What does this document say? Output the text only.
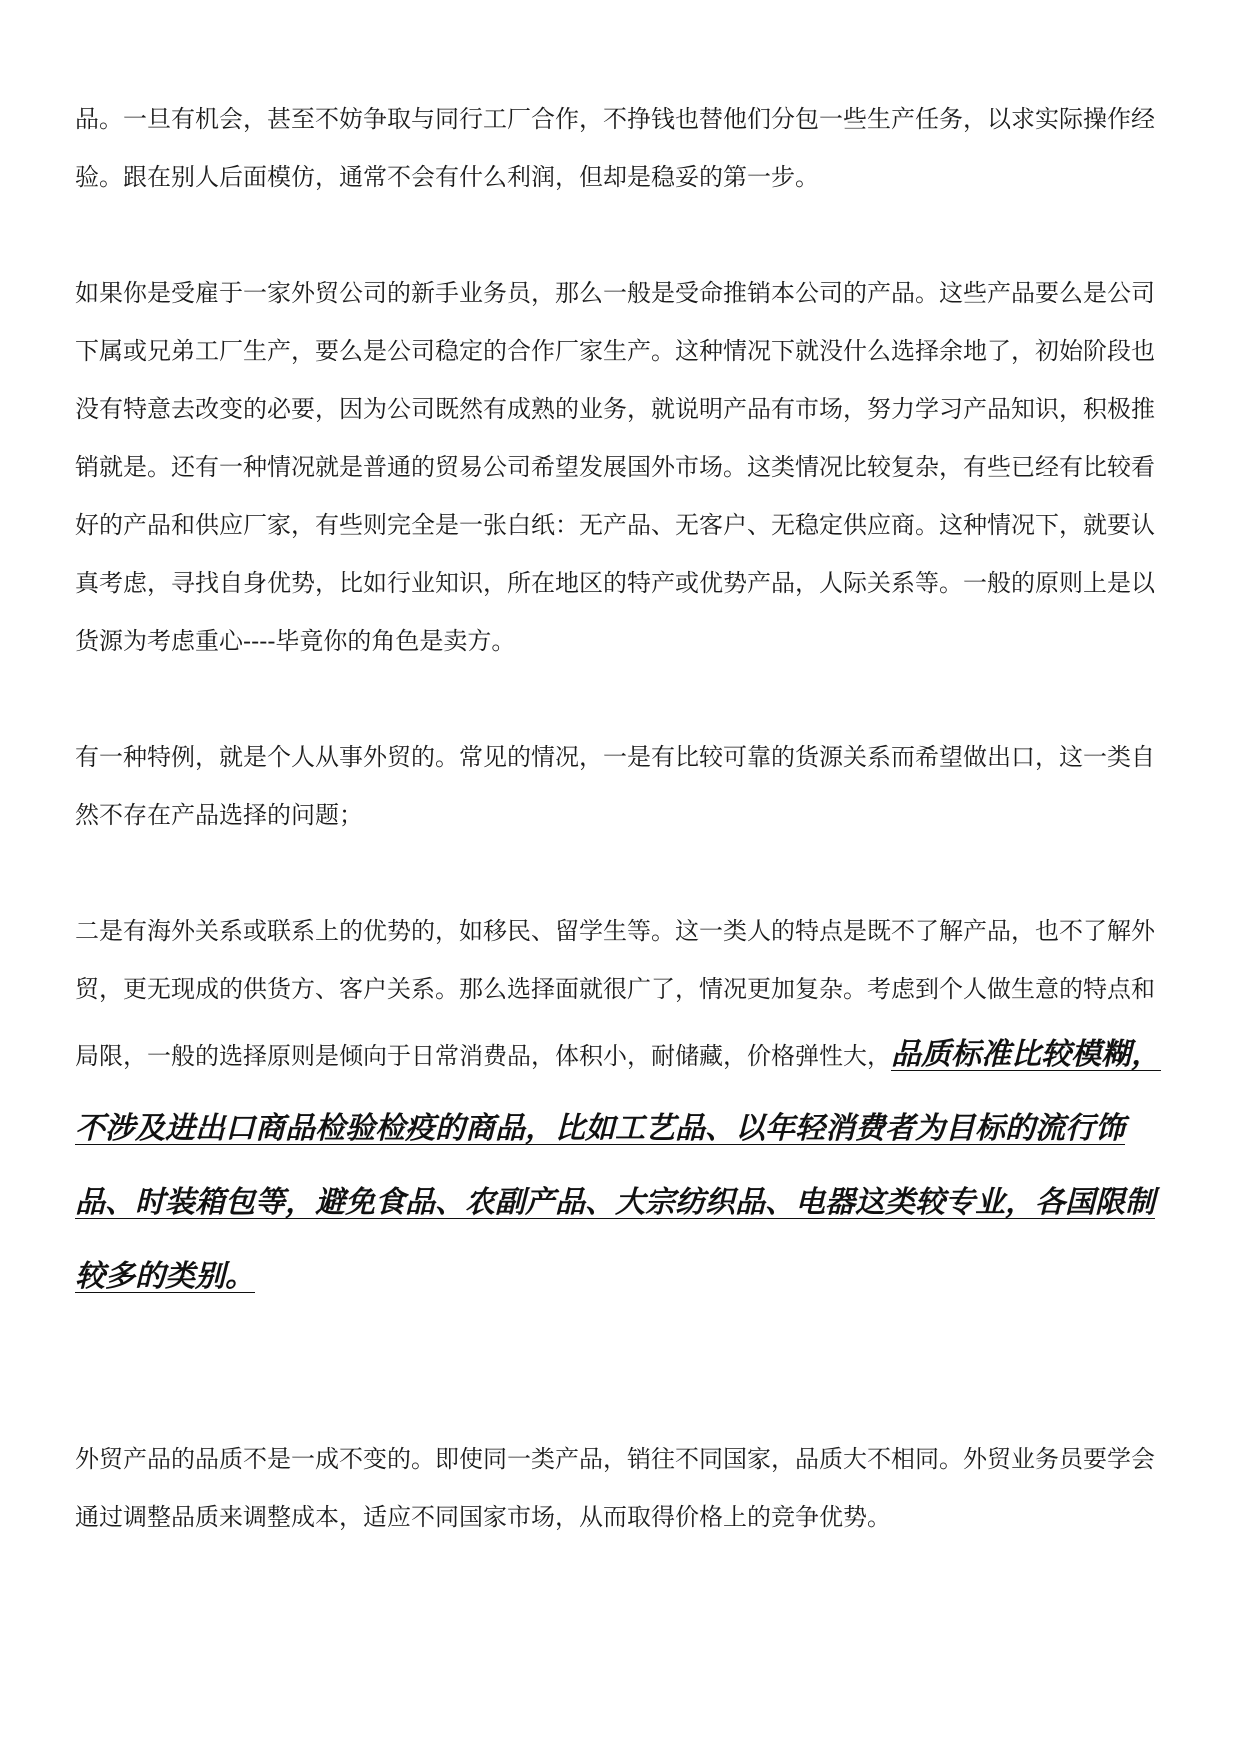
品。一旦有机会，甚至不妨争取与同行工厂合作，不挣钱也替他们分包一些生产任务，以求实际操作经验。跟在别人后面模仿，通常不会有什么利润，但却是稳妥的第一步。

如果你是受雇于一家外贸公司的新手业务员，那么一般是受命推销本公司的产品。这些产品要么是公司下属或兄弟工厂生产，要么是公司稳定的合作厂家生产。这种情况下就没什么选择余地了，初始阶段也没有特意去改变的必要，因为公司既然有成熟的业务，就说明产品有市场，努力学习产品知识，积极推销就是。还有一种情况就是普通的贸易公司希望发展国外市场。这类情况比较复杂，有些已经有比较看好的产品和供应厂家，有些则完全是一张白纸：无产品、无客户、无稳定供应商。这种情况下，就要认真考虑，寻找自身优势，比如行业知识，所在地区的特产或优势产品，人际关系等。一般的原则上是以货源为考虑重心----毕竟你的角色是卖方。

有一种特例，就是个人从事外贸的。常见的情况，一是有比较可靠的货源关系而希望做出口，这一类自然不存在产品选择的问题；

二是有海外关系或联系上的优势的，如移民、留学生等。这一类人的特点是既不了解产品，也不了解外贸，更无现成的供货方、客户关系。那么选择面就很广了，情况更加复杂。考虑到个人做生意的特点和局限，一般的选择原则是倾向于日常消费品，体积小，耐储藏，价格弹性大，品质标准比较模糊，不涉及进出口商品检验检疫的商品，比如工艺品、以年轻消费者为目标的流行饰品、时装箱包等，避免食品、农副产品、大宗纺织品、电器这类较专业，各国限制较多的类别。

外贸产品的品质不是一成不变的。即使同一类产品，销往不同国家，品质大不相同。外贸业务员要学会通过调整品质来调整成本，适应不同国家市场，从而取得价格上的竞争优势。
